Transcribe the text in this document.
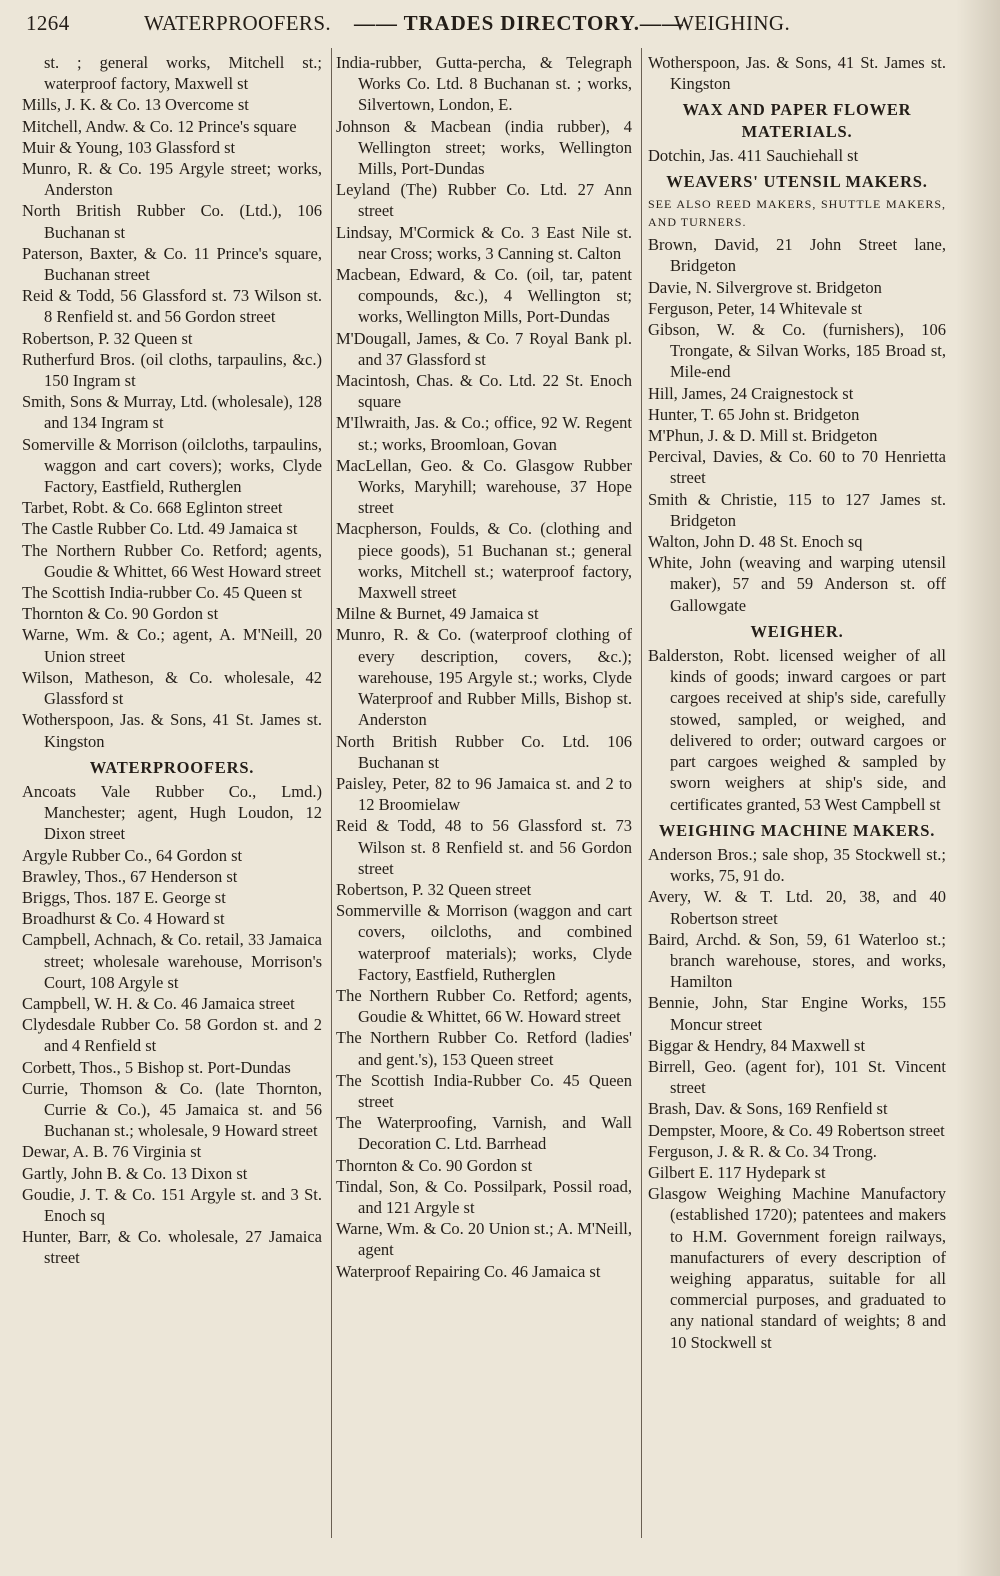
1264	WATERPROOFERS. —— TRADES DIRECTORY.——
WEIGHING.
st. ; general works, Mitchell st.; waterproof factory, Maxwell st
Mills, J. K. & Co. 13 Overcome st
Mitchell, Andw. & Co. 12 Prince's square
Muir & Young, 103 Glassford st
Munro, R. & Co. 195 Argyle street; works, Anderston
North British Rubber Co. (Ltd.), 106 Buchanan st
Paterson, Baxter, & Co. 11 Prince's square, Buchanan street
Reid & Todd, 56 Glassford st. 73 Wilson st. 8 Renfield st. and 56 Gordon street
Robertson, P. 32 Queen st
Rutherfurd Bros. (oil cloths, tarpaulins, &c.) 150 Ingram st
Smith, Sons & Murray, Ltd. (wholesale), 128 and 134 Ingram st
Somerville & Morrison (oilcloths, tarpaulins, waggon and cart covers); works, Clyde Factory, Eastfield, Rutherglen
Tarbet, Robt. & Co. 668 Eglinton street
The Castle Rubber Co. Ltd. 49 Jamaica st
The Northern Rubber Co. Retford; agents, Goudie & Whittet, 66 West Howard street
The Scottish India-rubber Co. 45 Queen st
Thornton & Co. 90 Gordon st
Warne, Wm. & Co.; agent, A. M'Neill, 20 Union street
Wilson, Matheson, & Co. wholesale, 42 Glassford st
Wotherspoon, Jas. & Sons, 41 St. James st. Kingston
WATERPROOFERS.
Ancoats Vale Rubber Co., Lmd.) Manchester; agent, Hugh Loudon, 12 Dixon street
Argyle Rubber Co., 64 Gordon st
Brawley, Thos., 67 Henderson st
Briggs, Thos. 187 E. George st
Broadhurst & Co. 4 Howard st
Campbell, Achnach, & Co. retail, 33 Jamaica street; wholesale warehouse, Morrison's Court, 108 Argyle st
Campbell, W. H. & Co. 46 Jamaica street
Clydesdale Rubber Co. 58 Gordon st. and 2 and 4 Renfield st
Corbett, Thos., 5 Bishop st. Port-Dundas
Currie, Thomson & Co. (late Thornton, Currie & Co.), 45 Jamaica st. and 56 Buchanan st.; wholesale, 9 Howard street
Dewar, A. B. 76 Virginia st
Gartly, John B. & Co. 13 Dixon st
Goudie, J. T. & Co. 151 Argyle st. and 3 St. Enoch sq
Hunter, Barr, & Co. wholesale, 27 Jamaica street
India-rubber, Gutta-percha, & Telegraph Works Co. Ltd. 8 Buchanan st. ; works, Silvertown, London, E.
Johnson & Macbean (india rubber), 4 Wellington street; works, Wellington Mills, Port-Dundas
Leyland (The) Rubber Co. Ltd. 27 Ann street
Lindsay, M'Cormick & Co. 3 East Nile st. near Cross; works, 3 Canning st. Calton
Macbean, Edward, & Co. (oil, tar, patent compounds, &c.), 4 Wellington st; works, Wellington Mills, Port-Dundas
M'Dougall, James, & Co. 7 Royal Bank pl. and 37 Glassford st
Macintosh, Chas. & Co. Ltd. 22 St. Enoch square
M'Ilwraith, Jas. & Co.; office, 92 W. Regent st.; works, Broomloan, Govan
MacLellan, Geo. & Co. Glasgow Rubber Works, Maryhill; warehouse, 37 Hope street
Macpherson, Foulds, & Co. (clothing and piece goods), 51 Buchanan st.; general works, Mitchell st.; waterproof factory, Maxwell street
Milne & Burnet, 49 Jamaica st
Munro, R. & Co. (waterproof clothing of every description, covers, &c.); warehouse, 195 Argyle st.; works, Clyde Waterproof and Rubber Mills, Bishop st. Anderston
North British Rubber Co. Ltd. 106 Buchanan st
Paisley, Peter, 82 to 96 Jamaica st. and 2 to 12 Broomielaw
Reid & Todd, 48 to 56 Glassford st. 73 Wilson st. 8 Renfield st. and 56 Gordon street
Robertson, P. 32 Queen street
Sommerville & Morrison (waggon and cart covers, oilcloths, and combined waterproof materials); works, Clyde Factory, Eastfield, Rutherglen
The Northern Rubber Co. Retford; agents, Goudie & Whittet, 66 W. Howard street
The Northern Rubber Co. Retford (ladies' and gent.'s), 153 Queen street
The Scottish India-Rubber Co. 45 Queen street
The Waterproofing, Varnish, and Wall Decoration C. Ltd. Barrhead
Thornton & Co. 90 Gordon st
Tindal, Son, & Co. Possilpark, Possil road, and 121 Argyle st
Warne, Wm. & Co. 20 Union st.; A. M'Neill, agent
Waterproof Repairing Co. 46 Jamaica st
Wotherspoon, Jas. & Sons, 41 St. James st. Kingston
WAX AND PAPER FLOWER MATERIALS.
Dotchin, Jas. 411 Sauchiehall st
WEAVERS' UTENSIL MAKERS.
SEE ALSO REED MAKERS, SHUTTLE MAKERS, AND TURNERS.
Brown, David, 21 John Street lane, Bridgeton
Davie, N. Silvergrove st. Bridgeton
Ferguson, Peter, 14 Whitevale st
Gibson, W. & Co. (furnishers), 106 Trongate, & Silvan Works, 185 Broad st, Mile-end
Hill, James, 24 Craignestock st
Hunter, T. 65 John st. Bridgeton
M'Phun, J. & D. Mill st. Bridgeton
Percival, Davies, & Co. 60 to 70 Henrietta street
Smith & Christie, 115 to 127 James st. Bridgeton
Walton, John D. 48 St. Enoch sq
White, John (weaving and warping utensil maker), 57 and 59 Anderson st. off Gallowgate
WEIGHER.
Balderston, Robt. licensed weigher of all kinds of goods; inward cargoes or part cargoes received at ship's side, carefully stowed, sampled, or weighed, and delivered to order; outward cargoes or part cargoes weighed & sampled by sworn weighers at ship's side, and certificates granted, 53 West Campbell st
WEIGHING MACHINE MAKERS.
Anderson Bros.; sale shop, 35 Stockwell st.; works, 75, 91 do.
Avery, W. & T. Ltd. 20, 38, and 40 Robertson street
Baird, Archd. & Son, 59, 61 Waterloo st.; branch warehouse, stores, and works, Hamilton
Bennie, John, Star Engine Works, 155 Moncur street
Biggar & Hendry, 84 Maxwell st
Birrell, Geo. (agent for), 101 St. Vincent street
Brash, Dav. & Sons, 169 Renfield st
Dempster, Moore, & Co. 49 Robertson street
Ferguson, J. & R. & Co. 34 Trong.
Gilbert E. 117 Hydepark st
Glasgow Weighing Machine Manufactory (established 1720); patentees and makers to H.M. Government foreign railways, manufacturers of every description of weighing apparatus, suitable for all commercial purposes, and graduated to any national standard of weights; 8 and 10 Stockwell st
